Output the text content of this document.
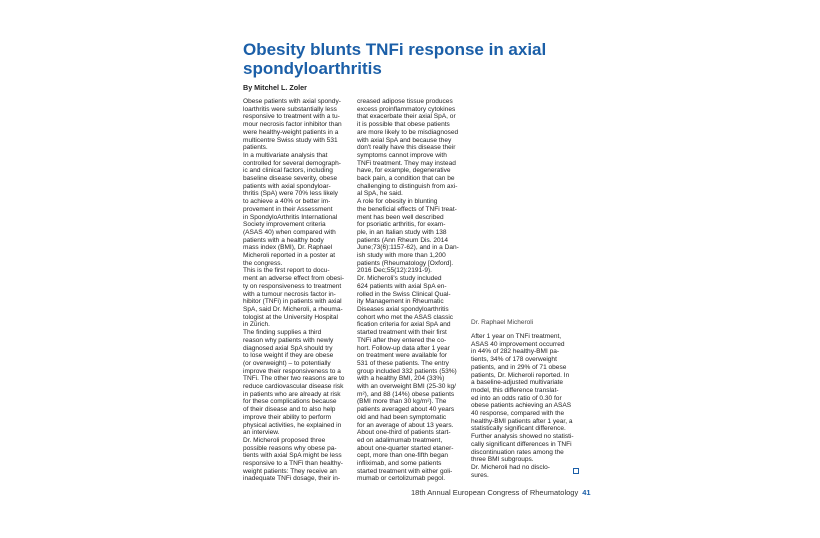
Obesity blunts TNFi response in axial spondyloarthritis
By Mitchel L. Zoler

Obese patients with axial spondy-
loarthritis were substantially less
responsive to treatment with a tu-
mour necrosis factor inhibitor than
were healthy-weight patients in a
multicentre Swiss study with 531
patients.
In a multivariate analysis that
controlled for several demograph-
ic and clinical factors, including
baseline disease severity, obese
patients with axial spondyloar-
thritis (SpA) were 70% less likely
to achieve a 40% or better im-
provement in their Assessment
in SpondyloArthritis International
Society improvement criteria
(ASAS 40) when compared with
patients with a healthy body
mass index (BMI), Dr. Raphael
Micheroli reported in a poster at
the congress.
This is the first report to docu-
ment an adverse effect from obesi-
ty on responsiveness to treatment
with a tumour necrosis factor in-
hibitor (TNFi) in patients with axial
SpA, said Dr. Micheroli, a rheuma-
tologist at the University Hospital
in Zürich.
The finding supplies a third
reason why patients with newly
diagnosed axial SpA should try
to lose weight if they are obese
(or overweight) – to potentially
improve their responsiveness to a
TNFi. The other two reasons are to
reduce cardiovascular disease risk
in patients who are already at risk
for these complications because
of their disease and to also help
improve their ability to perform
physical activities, he explained in
an interview.
Dr. Micheroli proposed three
possible reasons why obese pa-
tients with axial SpA might be less
responsive to a TNFi than healthy-
weight patients: They receive an
inadequate TNFi dosage, their in-

creased adipose tissue produces
excess proinflammatory cytokines
that exacerbate their axial SpA, or
it is possible that obese patients
are more likely to be misdiagnosed
with axial SpA and because they
don't really have this disease their
symptoms cannot improve with
TNFi treatment. They may instead
have, for example, degenerative
back pain, a condition that can be
challenging to distinguish from axi-
al SpA, he said.
A role for obesity in blunting
the beneficial effects of TNFi treat-
ment has been well described
for psoriatic arthritis, for exam-
ple, in an Italian study with 138
patients (Ann Rheum Dis. 2014
June;73(6):1157-62), and in a Dan-
ish study with more than 1,200
patients (Rheumatology [Oxford].
2016 Dec;55(12):2191-9).
Dr. Micheroli's study included
624 patients with axial SpA en-
rolled in the Swiss Clinical Qual-
ity Management in Rheumatic
Diseases axial spondyloarthritis
cohort who met the ASAS classic
fication criteria for axial SpA and
started treatment with their first
TNFi after they entered the co-
hort. Follow-up data after 1 year
on treatment were available for
531 of these patients. The entry
group included 332 patients (53%)
with a healthy BMI, 204 (33%)
with an overweight BMI (25-30 kg/
m²), and 88 (14%) obese patients
(BMI more than 30 kg/m²). The
patients averaged about 40 years
old and had been symptomatic
for an average of about 13 years.
About one-third of patients start-
ed on adalimumab treatment,
about one-quarter started etaner-
cept, more than one-fifth began
infliximab, and some patients
started treatment with either goli-
mumab or certolizumab pegol.

Dr. Raphael Micheroli

After 1 year on TNFi treatment,
ASAS 40 improvement occurred
in 44% of 282 healthy-BMI pa-
tients, 34% of 178 overweight
patients, and in 29% of 71 obese
patients, Dr. Micheroli reported. In
a baseline-adjusted multivariate
model, this difference translat-
ed into an odds ratio of 0.30 for
obese patients achieving an ASAS
40 response, compared with the
healthy-BMI patients after 1 year, a
statistically significant difference.
Further analysis showed no statisti-
cally significant differences in TNFi
discontinuation rates among the
three BMI subgroups.
Dr. Micheroli had no disclo-
sures.

18th Annual European Congress of Rheumatology 41
